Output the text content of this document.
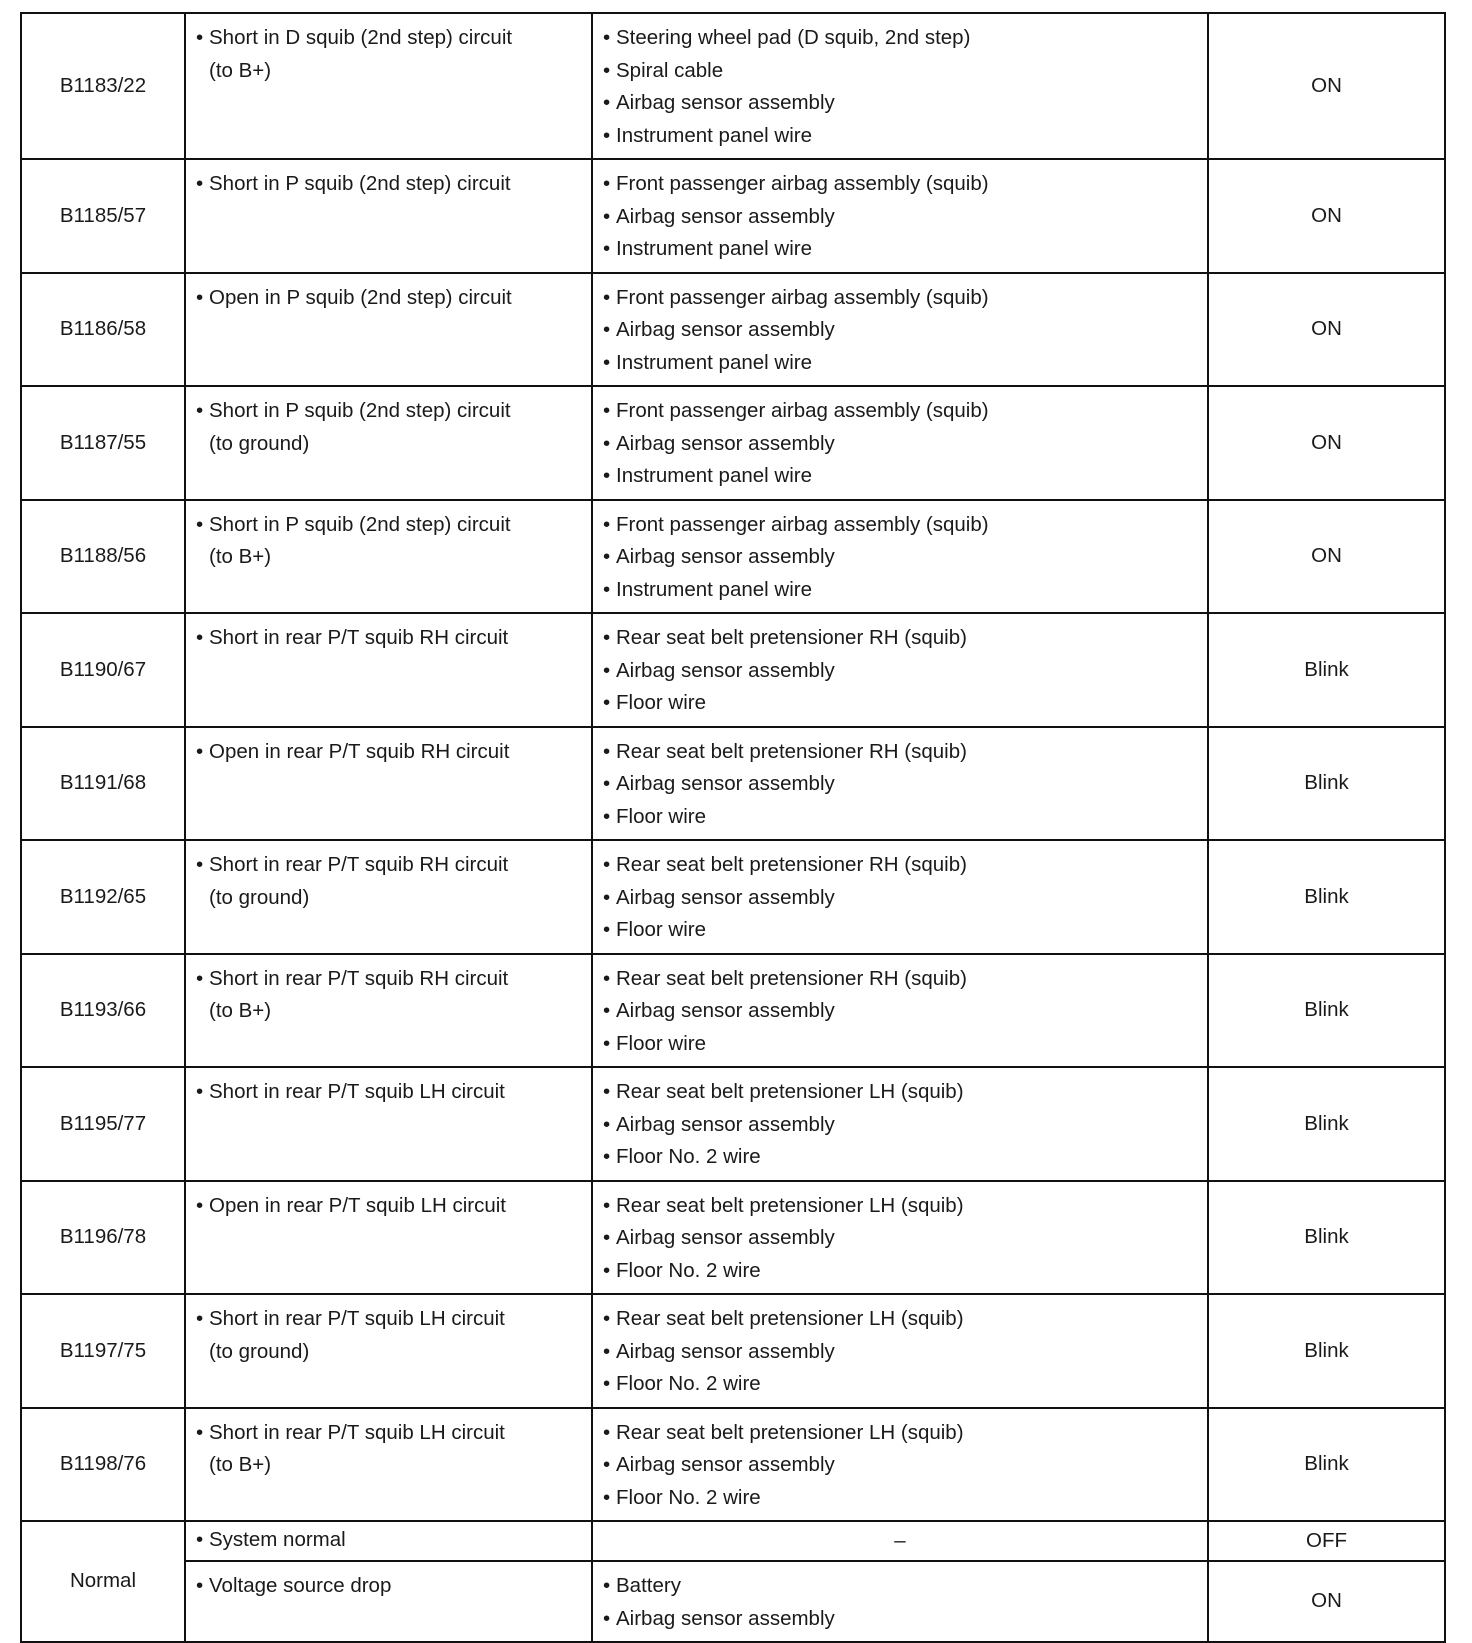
B1183/22	• Short in D squib (2nd step) circuit
(to B+)	• Steering wheel pad (D squib, 2nd step)
• Spiral cable
• Airbag sensor assembly
• Instrument panel wire	ON
B1185/57	• Short in P squib (2nd step) circuit	• Front passenger airbag assembly (squib)
• Airbag sensor assembly
• Instrument panel wire	ON
B1186/58	• Open in P squib (2nd step) circuit	• Front passenger airbag assembly (squib)
• Airbag sensor assembly
• Instrument panel wire	ON
B1187/55	• Short in P squib (2nd step) circuit
(to ground)	• Front passenger airbag assembly (squib)
• Airbag sensor assembly
• Instrument panel wire	ON
B1188/56	• Short in P squib (2nd step) circuit
(to B+)	• Front passenger airbag assembly (squib)
• Airbag sensor assembly
• Instrument panel wire	ON
B1190/67	• Short in rear P/T squib RH circuit	• Rear seat belt pretensioner RH (squib)
• Airbag sensor assembly
• Floor wire	Blink
B1191/68	• Open in rear P/T squib RH circuit	• Rear seat belt pretensioner RH (squib)
• Airbag sensor assembly
• Floor wire	Blink
B1192/65	• Short in rear P/T squib RH circuit
(to ground)	• Rear seat belt pretensioner RH (squib)
• Airbag sensor assembly
• Floor wire	Blink
B1193/66	• Short in rear P/T squib RH circuit
(to B+)	• Rear seat belt pretensioner RH (squib)
• Airbag sensor assembly
• Floor wire	Blink
B1195/77	• Short in rear P/T squib LH circuit	• Rear seat belt pretensioner LH (squib)
• Airbag sensor assembly
• Floor No. 2 wire	Blink
B1196/78	• Open in rear P/T squib LH circuit	• Rear seat belt pretensioner LH (squib)
• Airbag sensor assembly
• Floor No. 2 wire	Blink
B1197/75	• Short in rear P/T squib LH circuit
(to ground)	• Rear seat belt pretensioner LH (squib)
• Airbag sensor assembly
• Floor No. 2 wire	Blink
B1198/76	• Short in rear P/T squib LH circuit
(to B+)	• Rear seat belt pretensioner LH (squib)
• Airbag sensor assembly
• Floor No. 2 wire	Blink
Normal	• System normal	–	OFF

	• Voltage source drop	• Battery
• Airbag sensor assembly	ON
